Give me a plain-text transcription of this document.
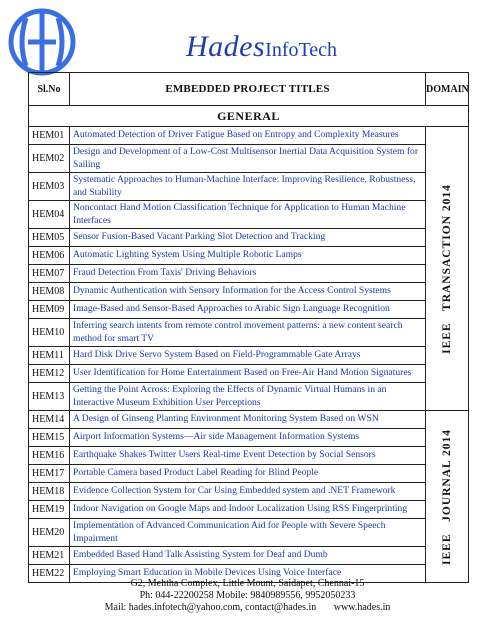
HadesInfoTech
Sl.No	EMBEDDED PROJECT TITLES	DOMAIN
GENERAL		
HEM01	Automated Detection of Driver Fatigue Based on Entropy and Complexity Measures	IEEE   TRANSACTION 2014

HEM02	Design and Development of a Low-Cost Multisensor Inertial Data Acquisition System for Sailing	
HEM03	Systematic Approaches to Human-Machine Interface: Improving Resilience, Robustness, and Stability	
HEM04	Noncontact Hand Motion Classification Technique for Application to Human Machine Interfaces	
HEM05	Sensor Fusion-Based Vacant Parking Slot Detection and Tracking	
HEM06	Automatic Lighting System Using Multiple Robotic Lamps	
HEM07	Fraud Detection From Taxis' Driving Behaviors	
HEM08	Dynamic Authentication with Sensory Information for the Access Control Systems	
HEM09	Image-Based and Sensor-Based Approaches to Arabic Sign Language Recognition	
HEM10	Inferring search intents from remote control movement patterns: a new content search method for smart TV	
HEM11	Hard Disk Drive Servo System Based on Field-Programmable Gate Arrays	
HEM12	User Identification for Home Entertainment Based on Free-Air Hand Motion Signatures	
HEM13	Getting the Point Across: Exploring the Effects of Dynamic Virtual Humans in an Interactive Museum Exhibition User Perceptions	
HEM14	A Design of Ginseng Planting Environment Monitoring System Based on WSN	IEEE   JOURNAL 2014

HEM15	Airport Information Systems—Air side Management Information Systems	
HEM16	Earthquake Shakes Twitter Users Real-time Event Detection by Social Sensors	
HEM17	Portable Camera based Product Label Reading for Blind People	
HEM18	Evidence Collection System for Car Using Embedded system and .NET Framework	
HEM19	Indoor Navigation on Google Maps and Indoor Localization Using RSS Fingerprinting	
HEM20	Implementation of Advanced Communication Aid for People with Severe Speech Impairment	
HEM21	Embedded Based Hand Talk Assisting System for Deaf and Dumb	
HEM22	Employing Smart Education in Mobile Devices Using Voice Interface	
G2, Mehtha Complex, Little Mount, Saidapet, Chennai-15
Ph: 044-22200258 Mobile: 9840989556, 9952050233
Mail: hades.infotech@yahoo.com, contact@hades.in       www.hades.in
